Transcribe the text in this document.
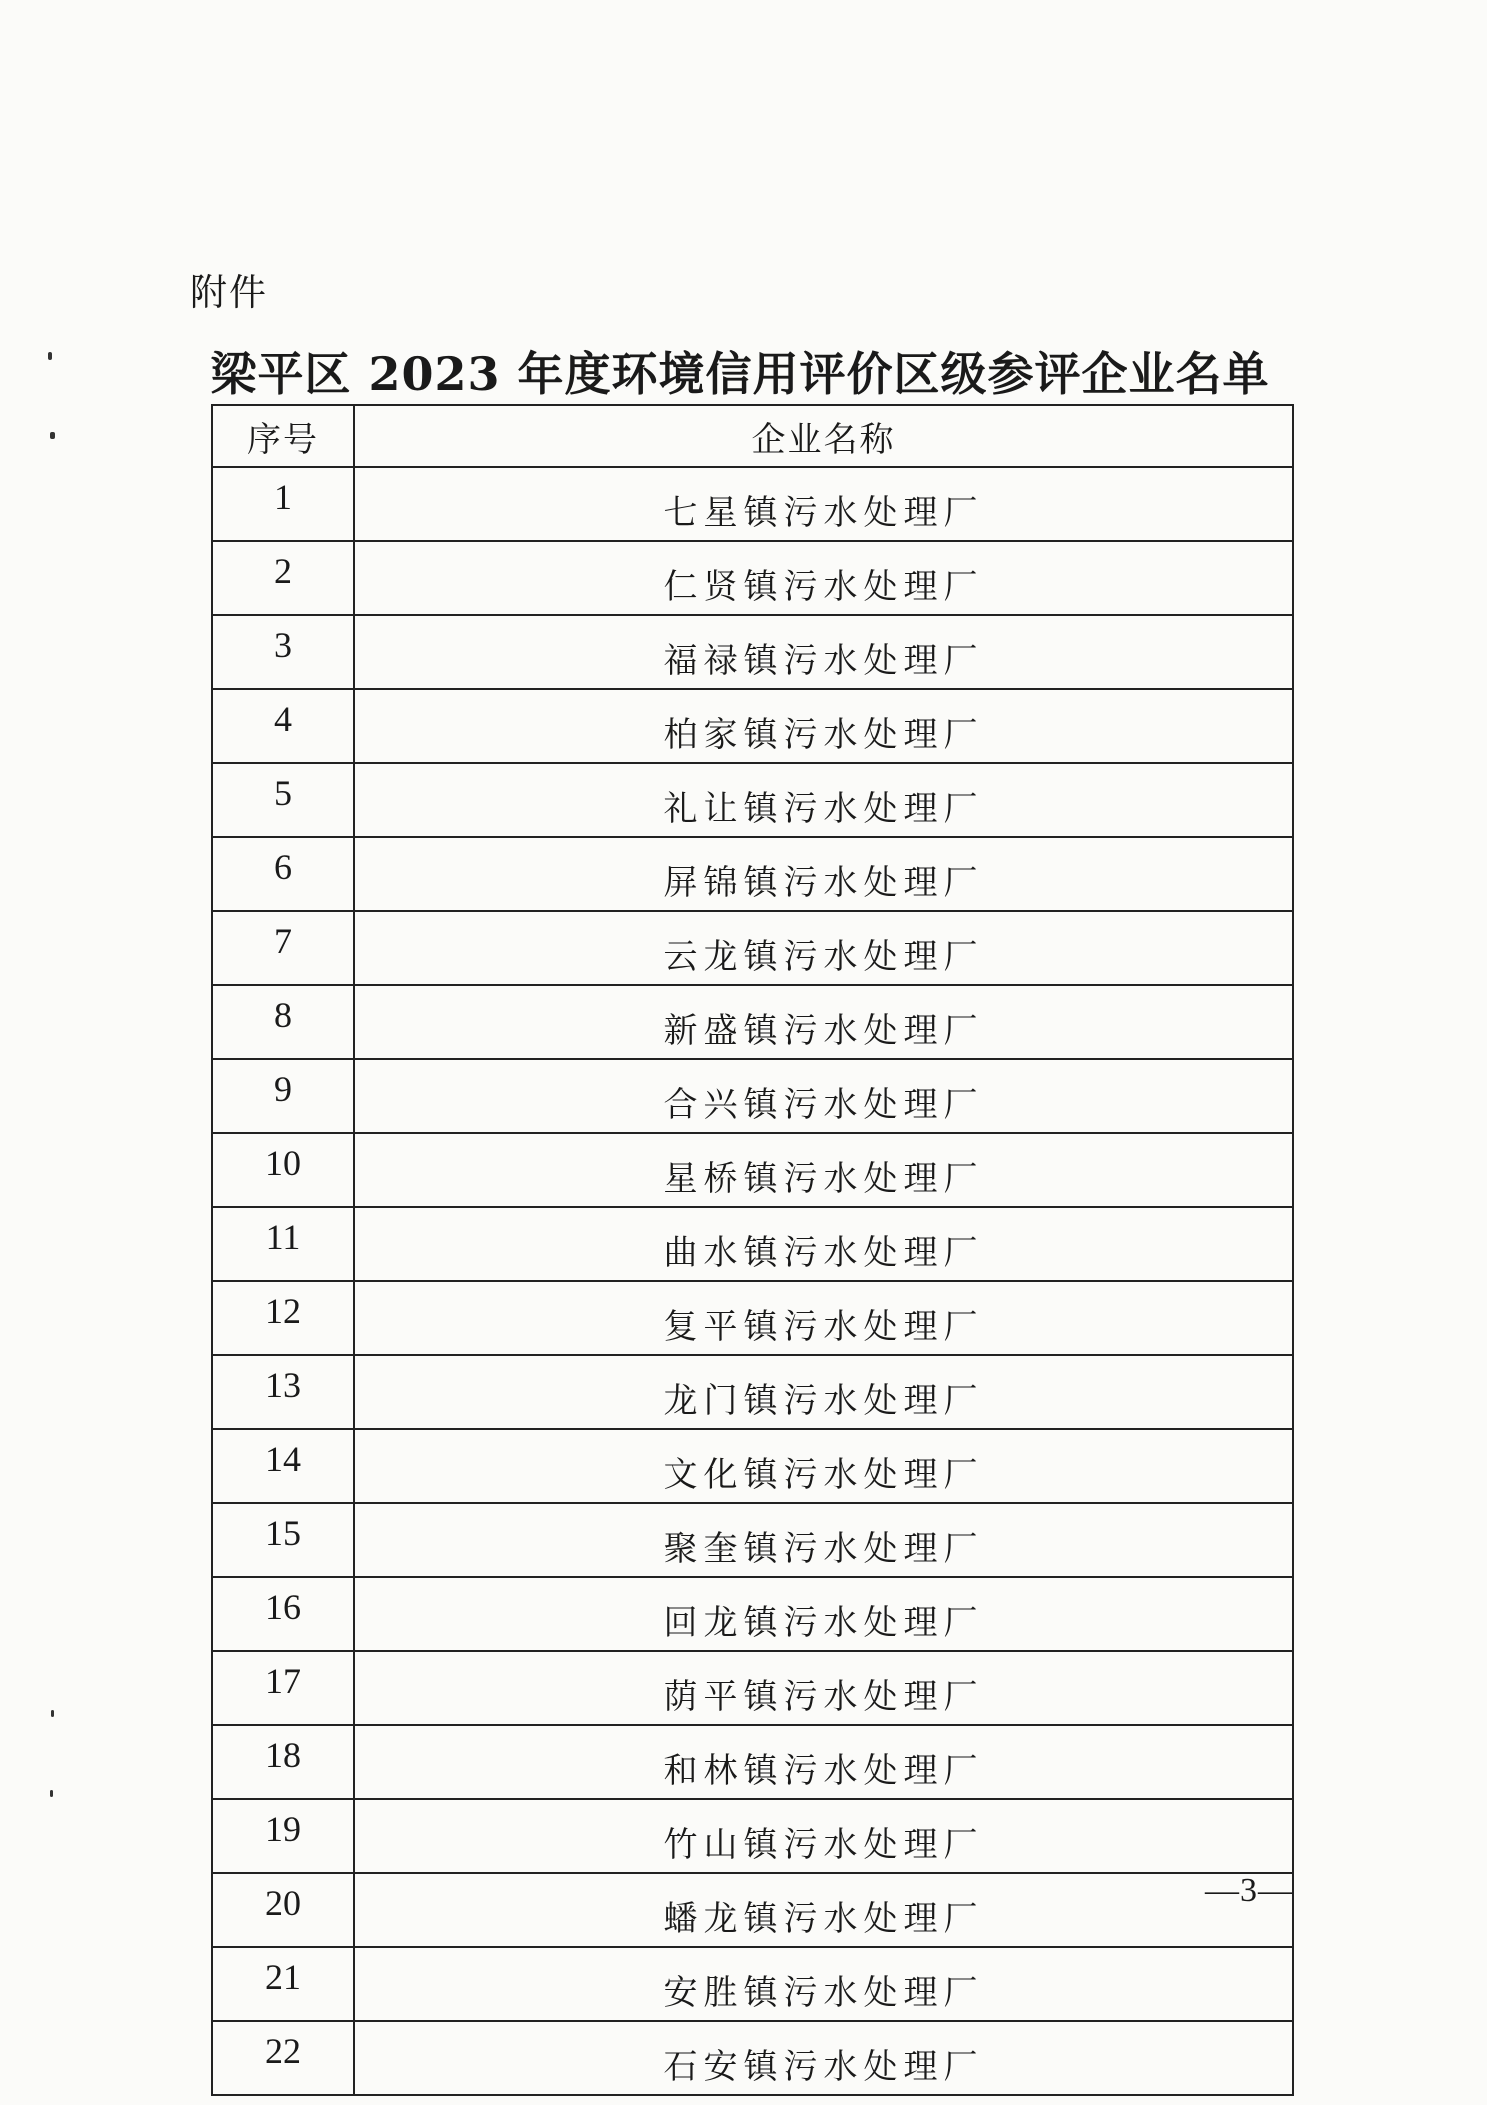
附件
梁平区 2023 年度环境信用评价区级参评企业名单
序号	企业名称
1	七星镇污水处理厂
2	仁贤镇污水处理厂
3	福禄镇污水处理厂
4	柏家镇污水处理厂
5	礼让镇污水处理厂
6	屏锦镇污水处理厂
7	云龙镇污水处理厂
8	新盛镇污水处理厂
9	合兴镇污水处理厂
10	星桥镇污水处理厂
11	曲水镇污水处理厂
12	复平镇污水处理厂
13	龙门镇污水处理厂
14	文化镇污水处理厂
15	聚奎镇污水处理厂
16	回龙镇污水处理厂
17	荫平镇污水处理厂
18	和林镇污水处理厂
19	竹山镇污水处理厂
20	蟠龙镇污水处理厂
21	安胜镇污水处理厂
22	石安镇污水处理厂
—3—
